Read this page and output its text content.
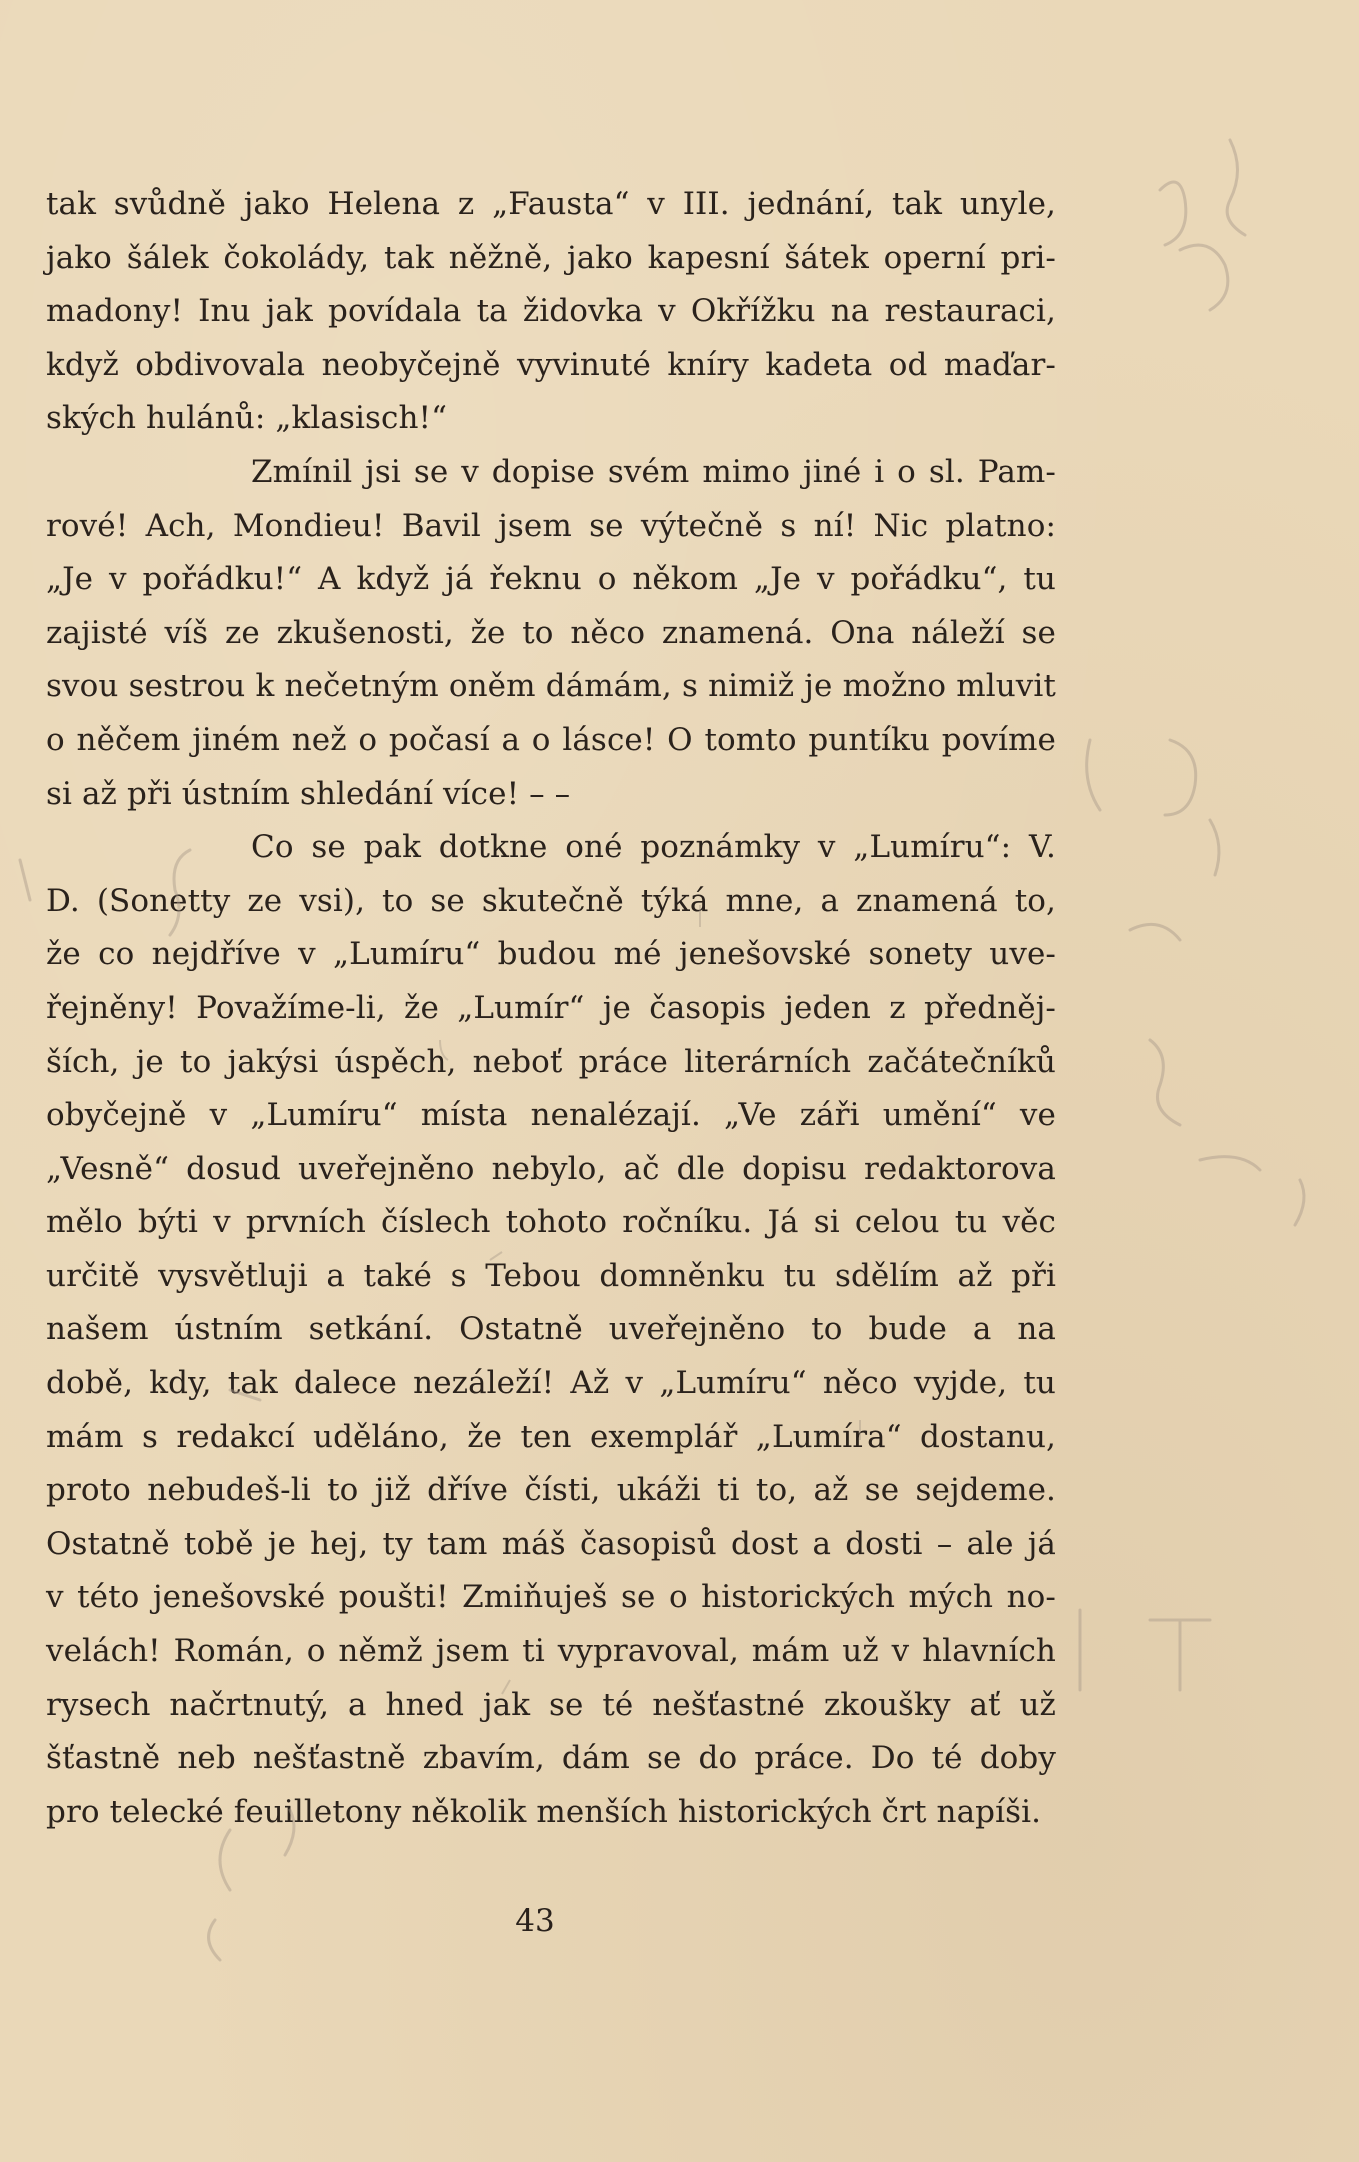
tak svůdně jako Helena z „Fausta“ v III. jednání, tak unyle,
jako šálek čokolády, tak něžně, jako kapesní šátek operní pri-
madony! Inu jak povídala ta židovka v Okřížku na restauraci,
když obdivovala neobyčejně vyvinuté kníry kadeta od maďar-
ských hulánů: „klasisch!“
Zmínil jsi se v dopise svém mimo jiné i o sl. Pam-
rové! Ach, Mondieu! Bavil jsem se výtečně s ní! Nic platno:
„Je v pořádku!“ A když já řeknu o někom „Je v pořádku“, tu
zajisté víš ze zkušenosti, že to něco znamená. Ona náleží se
svou sestrou k nečetným oněm dámám, s nimiž je možno mluvit
o něčem jiném než o počasí a o lásce! O tomto puntíku povíme
si až při ústním shledání více! – –
Co se pak dotkne oné poznámky v „Lumíru“: V.
D. (Sonetty ze vsi), to se skutečně týká mne, a znamená to,
že co nejdříve v „Lumíru“ budou mé jenešovské sonety uve-
řejněny! Považíme-li, že „Lumír“ je časopis jeden z předněj-
ších, je to jakýsi úspěch, neboť práce literárních začátečníků
obyčejně v „Lumíru“ místa nenalézají. „Ve záři umění“ ve
„Vesně“ dosud uveřejněno nebylo, ač dle dopisu redaktorova
mělo býti v prvních číslech tohoto ročníku. Já si celou tu věc
určitě vysvětluji a také s Tebou domněnku tu sdělím až při
našem ústním setkání. Ostatně uveřejněno to bude a na
době, kdy, tak dalece nezáleží! Až v „Lumíru“ něco vyjde, tu
mám s redakcí uděláno, že ten exemplář „Lumíra“ dostanu,
proto nebudeš-li to již dříve čísti, ukáži ti to, až se sejdeme.
Ostatně tobě je hej, ty tam máš časopisů dost a dosti – ale já
v této jenešovské poušti! Zmiňuješ se o historických mých no-
velách! Román, o němž jsem ti vypravoval, mám už v hlavních
rysech načrtnutý, a hned jak se té nešťastné zkoušky ať už
šťastně neb nešťastně zbavím, dám se do práce. Do té doby
pro telecké feuilletony několik menších historických črt napíši.
43
